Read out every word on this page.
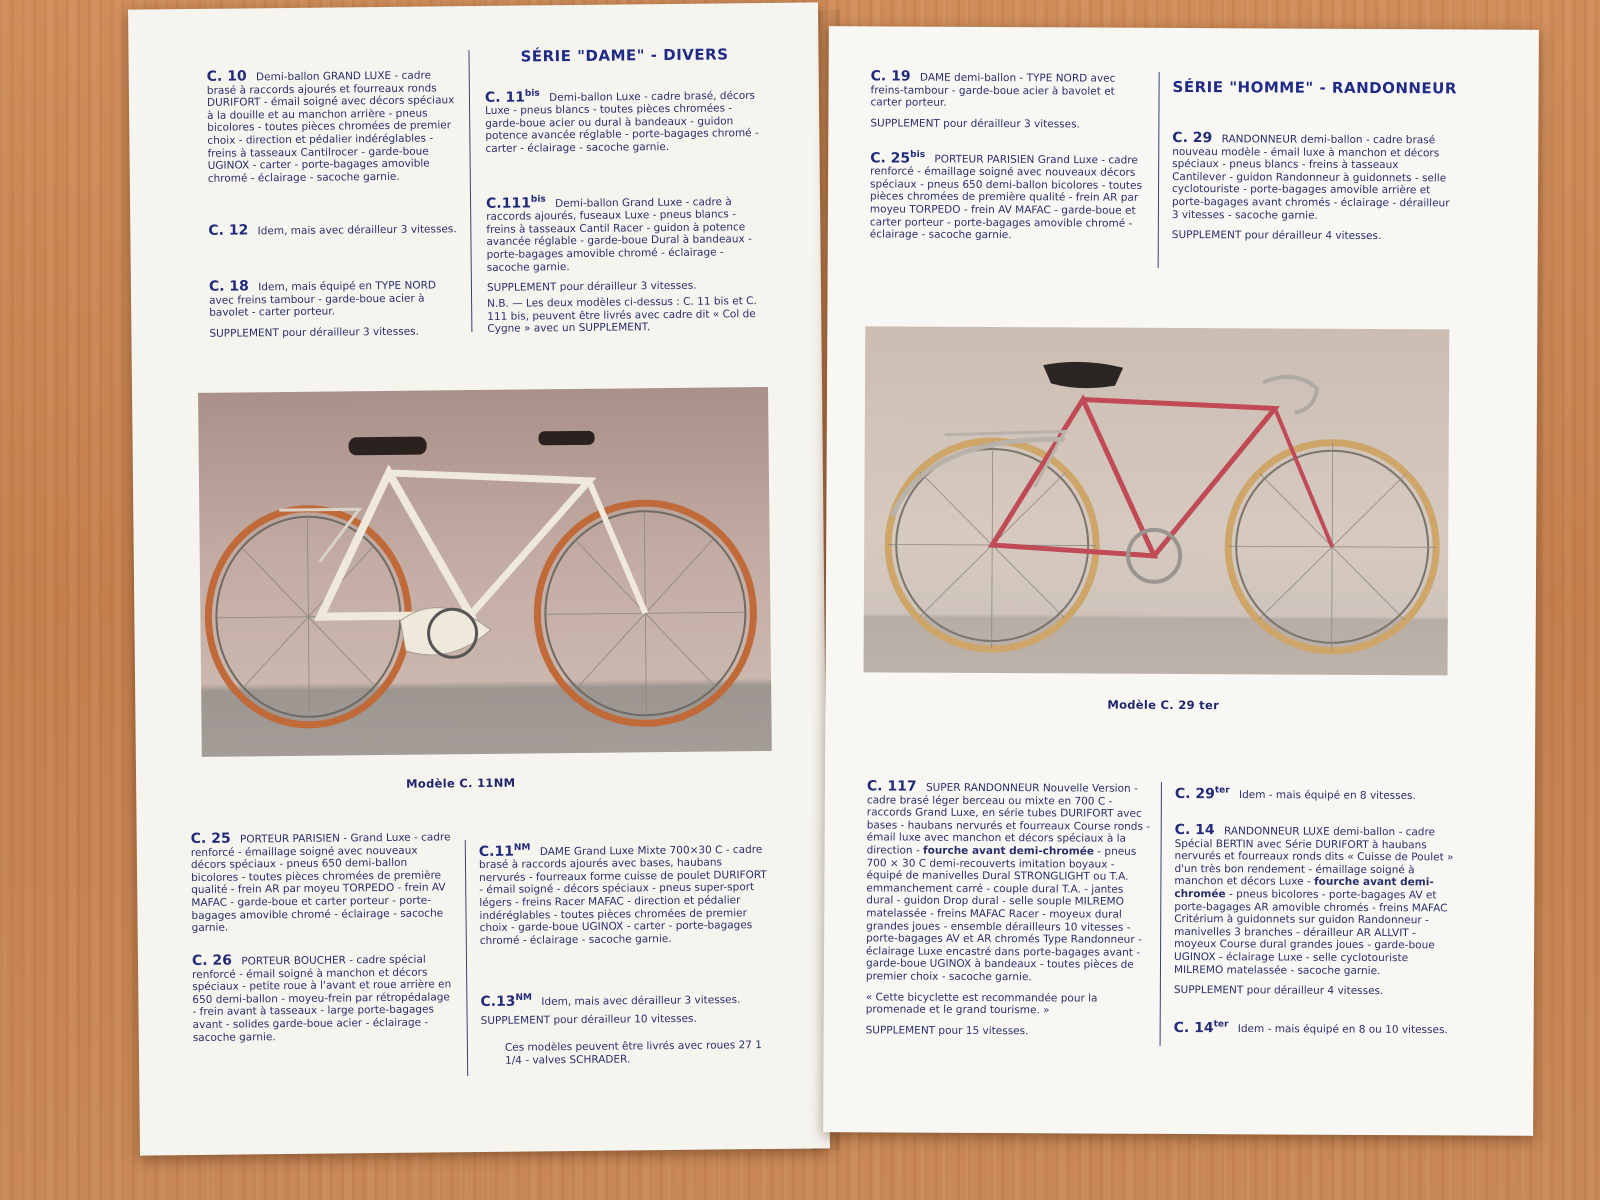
SÉRIE "DAME" - DIVERS
C. 10 Demi-ballon GRAND LUXE - cadre brasé à raccords ajourés et fourreaux ronds DURIFORT - émail soigné avec décors spéciaux à la douille et au manchon arrière - pneus bicolores - toutes pièces chromées de premier choix - direction et pédalier indéréglables - freins à tasseaux Cantilrocer - garde-boue UGINOX - carter - porte-bagages amovible chromé - éclairage - sacoche garnie.
C. 12 Idem, mais avec dérailleur 3 vitesses.
C. 18 Idem, mais équipé en TYPE NORD avec freins tambour - garde-boue acier à bavolet - carter porteur.
SUPPLEMENT pour dérailleur 3 vitesses.
C. $11^{bis}$ Demi-ballon Luxe - cadre brasé, décors Luxe - pneus blancs - toutes pièces chromées - garde-boue acier ou dural à bandeaux - guidon potence avancée réglable - porte-bagages chromé - carter - éclairage - sacoche garnie.
$C.111^{bis}$ Demi-ballon Grand Luxe - cadre à raccords ajourés, fuseaux Luxe - pneus blancs - freins à tasseaux Cantil Racer - guidon à potence avancée réglable - garde-boue Dural à bandeaux - porte-bagages amovible chromé - éclairage - sacoche garnie.
SUPPLEMENT pour dérailleur 3 vitesses.
N.B. — Les deux modèles ci-dessus : C. 11 bis et C. 111 bis, peuvent être livrés avec cadre dit « Col de Cygne » avec un SUPPLEMENT.
Modèle C. 11NM
C. 25 PORTEUR PARISIEN - Grand Luxe - cadre renforcé - émaillage soigné avec nouveaux décors spéciaux - pneus 650 demi-ballon bicolores - toutes pièces chromées de première qualité - frein AR par moyeu TORPEDO - frein AV MAFAC - garde-boue et carter porteur - porte-bagages amovible chromé - éclairage - sacoche garnie.
C. 26 PORTEUR BOUCHER - cadre spécial renforcé - émail soigné à manchon et décors spéciaux - petite roue à l'avant et roue arrière en 650 demi-ballon - moyeu-frein par rétropédalage - frein avant à tasseaux - large porte-bagages avant - solides garde-boue acier - éclairage - sacoche garnie.
$C.11^{NM}$ DAME Grand Luxe Mixte 700×30 C - cadre brasé à raccords ajourés avec bases, haubans nervurés - fourreaux forme cuisse de poulet DURIFORT - émail soigné - décors spéciaux - pneus super-sport légers - freins Racer MAFAC - direction et pédalier indéréglables - toutes pièces chromées de premier choix - garde-boue UGINOX - carter - porte-bagages chromé - éclairage - sacoche garnie.
$C.13^{NM}$ Idem, mais avec dérailleur 3 vitesses.
SUPPLEMENT pour dérailleur 10 vitesses.
Ces modèles peuvent être livrés avec roues 27 1 1/4 - valves SCHRADER.
C. 19 DAME demi-ballon - TYPE NORD avec freins-tambour - garde-boue acier à bavolet et carter porteur.
SUPPLEMENT pour dérailleur 3 vitesses.
C. $25^{bis}$ PORTEUR PARISIEN Grand Luxe - cadre renforcé - émaillage soigné avec nouveaux décors spéciaux - pneus 650 demi-ballon bicolores - toutes pièces chromées de première qualité - frein AR par moyeu TORPEDO - frein AV MAFAC - garde-boue et carter porteur - porte-bagages amovible chromé - éclairage - sacoche garnie.
SÉRIE "HOMME" - RANDONNEUR
C. 29 RANDONNEUR demi-ballon - cadre brasé nouveau modèle - émail luxe à manchon et décors spéciaux - pneus blancs - freins à tasseaux Cantilever - guidon Randonneur à guidonnets - selle cyclotouriste - porte-bagages amovible arrière et porte-bagages avant chromés - éclairage - dérailleur 3 vitesses - sacoche garnie.
SUPPLEMENT pour dérailleur 4 vitesses.
Modèle C. 29 ter
C. 117 SUPER RANDONNEUR Nouvelle Version - cadre brasé léger berceau ou mixte en 700 C - raccords Grand Luxe, en série tubes DURIFORT avec bases - haubans nervurés et fourreaux Course ronds - émail luxe avec manchon et décors spéciaux à la direction - fourche avant demi-chromée - pneus 700 × 30 C demi-recouverts imitation boyaux - équipé de manivelles Dural STRONGLIGHT ou T.A. emmanchement carré - couple dural T.A. - jantes dural - guidon Drop dural - selle souple MILREMO matelassée - freins MAFAC Racer - moyeux dural grandes joues - ensemble dérailleurs 10 vitesses - porte-bagages AV et AR chromés Type Randonneur - éclairage Luxe encastré dans porte-bagages avant - garde-boue UGINOX à bandeaux - toutes pièces de premier choix - sacoche garnie.
« Cette bicyclette est recommandée pour la promenade et le grand tourisme. »
SUPPLEMENT pour 15 vitesses.
C. $29^{ter}$ Idem - mais équipé en 8 vitesses.
C. 14 RANDONNEUR LUXE demi-ballon - cadre Spécial BERTIN avec Série DURIFORT à haubans nervurés et fourreaux ronds dits « Cuisse de Poulet » d'un très bon rendement - émaillage soigné à manchon et décors Luxe - fourche avant demi-chromée - pneus bicolores - porte-bagages AV et porte-bagages AR amovible chromés - freins MAFAC Critérium à guidonnets sur guidon Randonneur - manivelles 3 branches - dérailleur AR ALLVIT - moyeux Course dural grandes joues - garde-boue UGINOX - éclairage Luxe - selle cyclotouriste MILREMO matelassée - sacoche garnie.
SUPPLEMENT pour dérailleur 4 vitesses.
C. $14^{ter}$ Idem - mais équipé en 8 ou 10 vitesses.
